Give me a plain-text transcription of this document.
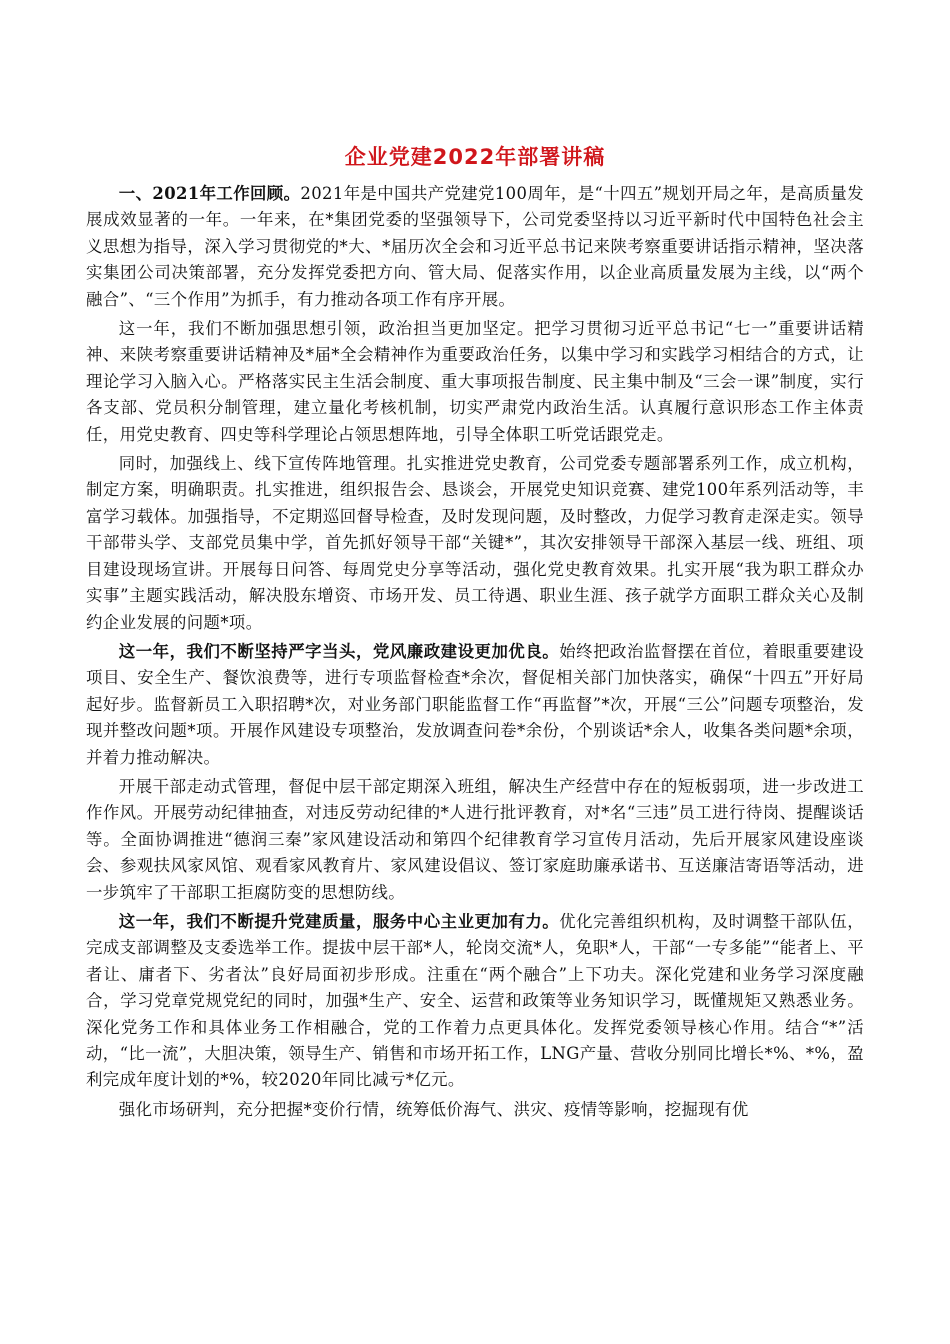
企业党建2022年部署讲稿

一、2021年工作回顾。2021年是中国共产党建党100周年，是“十四五”规划开局之年，是高质量发展成效显著的一年。一年来，在*集团党委的坚强领导下，公司党委坚持以习近平新时代中国特色社会主义思想为指导，深入学习贯彻党的*大、*届历次全会和习近平总书记来陕考察重要讲话指示精神，坚决落实集团公司决策部署，充分发挥党委把方向、管大局、促落实作用，以企业高质量发展为主线，以“两个融合”、“三个作用”为抓手，有力推动各项工作有序开展。

这一年，我们不断加强思想引领，政治担当更加坚定。把学习贯彻习近平总书记“七一”重要讲话精神、来陕考察重要讲话精神及*届*全会精神作为重要政治任务，以集中学习和实践学习相结合的方式，让理论学习入脑入心。严格落实民主生活会制度、重大事项报告制度、民主集中制及“三会一课”制度，实行各支部、党员积分制管理，建立量化考核机制，切实严肃党内政治生活。认真履行意识形态工作主体责任，用党史教育、四史等科学理论占领思想阵地，引导全体职工听党话跟党走。

同时，加强线上、线下宣传阵地管理。扎实推进党史教育，公司党委专题部署系列工作，成立机构，制定方案，明确职责。扎实推进，组织报告会、恳谈会，开展党史知识竞赛、建党100年系列活动等，丰富学习载体。加强指导，不定期巡回督导检查，及时发现问题，及时整改，力促学习教育走深走实。领导干部带头学、支部党员集中学，首先抓好领导干部“关键*”，其次安排领导干部深入基层一线、班组、项目建设现场宣讲。开展每日问答、每周党史分享等活动，强化党史教育效果。扎实开展“我为职工群众办实事”主题实践活动，解决股东增资、市场开发、员工待遇、职业生涯、孩子就学方面职工群众关心及制约企业发展的问题*项。

这一年，我们不断坚持严字当头，党风廉政建设更加优良。始终把政治监督摆在首位，着眼重要建设项目、安全生产、餐饮浪费等，进行专项监督检查*余次，督促相关部门加快落实，确保“十四五”开好局起好步。监督新员工入职招聘*次，对业务部门职能监督工作“再监督”*次，开展“三公”问题专项整治，发现并整改问题*项。开展作风建设专项整治，发放调查问卷*余份，个别谈话*余人，收集各类问题*余项，并着力推动解决。

开展干部走动式管理，督促中层干部定期深入班组，解决生产经营中存在的短板弱项，进一步改进工作作风。开展劳动纪律抽查，对违反劳动纪律的*人进行批评教育，对*名“三违”员工进行待岗、提醒谈话等。全面协调推进“德润三秦”家风建设活动和第四个纪律教育学习宣传月活动，先后开展家风建设座谈会、参观扶风家风馆、观看家风教育片、家风建设倡议、签订家庭助廉承诺书、互送廉洁寄语等活动，进一步筑牢了干部职工拒腐防变的思想防线。

这一年，我们不断提升党建质量，服务中心主业更加有力。优化完善组织机构，及时调整干部队伍，完成支部调整及支委选举工作。提拔中层干部*人，轮岗交流*人，免职*人，干部“一专多能”“能者上、平者让、庸者下、劣者汰”良好局面初步形成。注重在“两个融合”上下功夫。深化党建和业务学习深度融合，学习党章党规党纪的同时，加强*生产、安全、运营和政策等业务知识学习，既懂规矩又熟悉业务。深化党务工作和具体业务工作相融合，党的工作着力点更具体化。发挥党委领导核心作用。结合“*”活动，“比一流”，大胆决策，领导生产、销售和市场开拓工作，LNG产量、营收分别同比增长*%、*%，盈利完成年度计划的*%，较2020年同比减亏*亿元。

强化市场研判，充分把握*变价行情，统筹低价海气、洪灾、疫情等影响，挖掘现有优
